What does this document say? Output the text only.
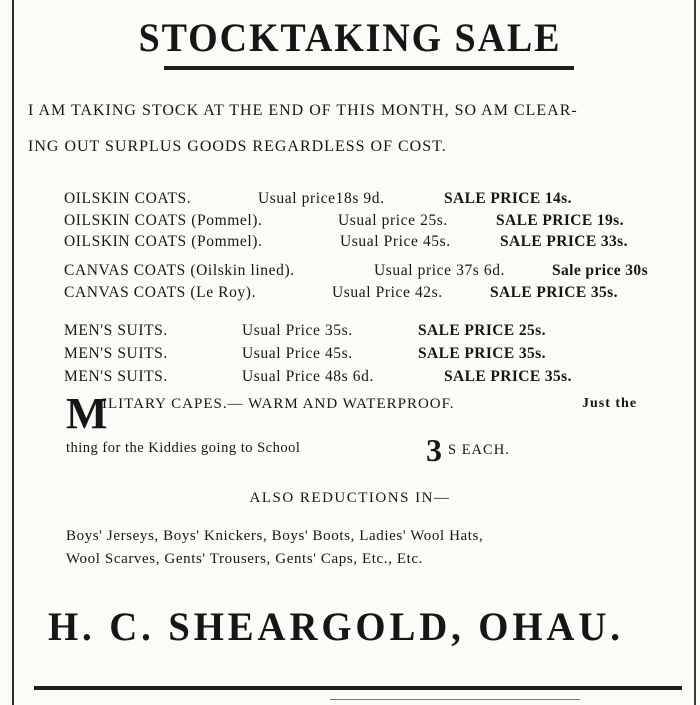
STOCKTAKING SALE
I AM TAKING STOCK AT THE END OF THIS MONTH, SO AM CLEAR-
ING OUT SURPLUS GOODS REGARDLESS OF COST.
OILSKIN COATS.	Usual price18s 9d.	SALE PRICE 14s.
OILSKIN COATS (Pommel).	Usual price 25s.	SALE PRICE 19s.
OILSKIN COATS (Pommel).	Usual Price 45s.	SALE PRICE 33s.
CANVAS COATS (Oilskin lined).	Usual price 37s 6d.	Sale price 30s
CANVAS COATS (Le Roy).	Usual Price 42s.	SALE PRICE 35s.
MEN'S SUITS.	Usual Price 35s.	SALE PRICE 25s.
MEN'S SUITS.	Usual Price 45s.	SALE PRICE 35s.
MEN'S SUITS.	Usual Price 48s 6d.	SALE PRICE 35s.
M
ILITARY CAPES.— WARM AND WATERPROOF.	Just the
thing for the Kiddies going to School	3 S EACH.
ALSO REDUCTIONS IN—
Boys' Jerseys, Boys' Knickers, Boys' Boots, Ladies' Wool Hats,
Wool Scarves, Gents' Trousers, Gents' Caps, Etc., Etc.
H. C. SHEARGOLD, OHAU.
